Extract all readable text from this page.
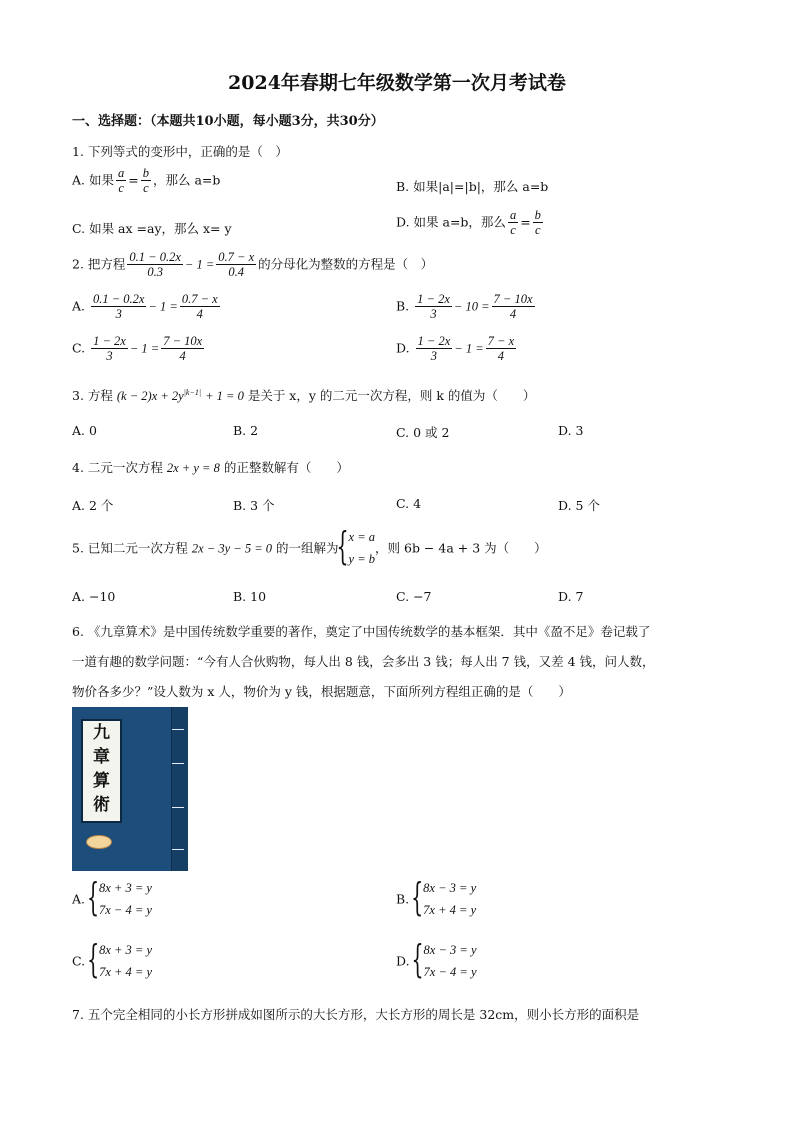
2024年春期七年级数学第一次月考试卷
一、选择题：（本题共10小题，每小题3分，共30分）
1. 下列等式的变形中，正确的是（　）
A. 如果 $\frac{a}{c} = \frac{b}{c}$ ，那么 a=b	B. 如果|a|=|b|，那么 a=b
C. 如果 ax =ay，那么 x= y	D. 如果 a=b，那么 $\frac{a}{c} = \frac{b}{c}$
2. 把方程 $\frac{0.1 - 0.2x}{0.3} - 1 = \frac{0.7 - x}{0.4}$ 的分母化为整数的方程是（　）
A. $\frac{0.1 - 0.2x}{3} - 1 = \frac{0.7 - x}{4}$	B. $\frac{1 - 2x}{3} - 10 = \frac{7 - 10x}{4}$
C. $\frac{1 - 2x}{3} - 1 = \frac{7 - 10x}{4}$	D. $\frac{1 - 2x}{3} - 1 = \frac{7 - x}{4}$
3. 方程 $(k - 2)x + 2y^{|k-1|} + 1 = 0$ 是关于 x，y 的二元一次方程，则 k 的值为（　　）
A. 0	B. 2	C. 0 或 2	D. 3
4. 二元一次方程 2x + y = 8 的正整数解有（　　）
A. 2 个	B. 3 个	C. 4	D. 5 个
5. 已知二元一次方程 2x − 3y − 5 = 0 的一组解为
{ x = a
y = b
，则 6b − 4a + 3 为（　　）
A. −10	B. 10	C. −7	D. 7
6. 《九章算术》是中国传统数学重要的著作，奠定了中国传统数学的基本框架．其中《盈不足》卷记载了
一道有趣的数学问题：“今有人合伙购物，每人出 8 钱，会多出 3 钱；每人出 7 钱，又差 4 钱，问人数，
物价各多少？”设人数为 x 人，物价为 y 钱，根据题意，下面所列方程组正确的是（　　）
九
章
算
術
A.
{ 8x + 3 = y
7x − 4 = y
B.
{ 8x − 3 = y
7x + 4 = y
C.
{ 8x + 3 = y
7x + 4 = y
D.
{ 8x − 3 = y
7x − 4 = y
7. 五个完全相同的小长方形拼成如图所示的大长方形，大长方形的周长是 32cm，则小长方形的面积是
